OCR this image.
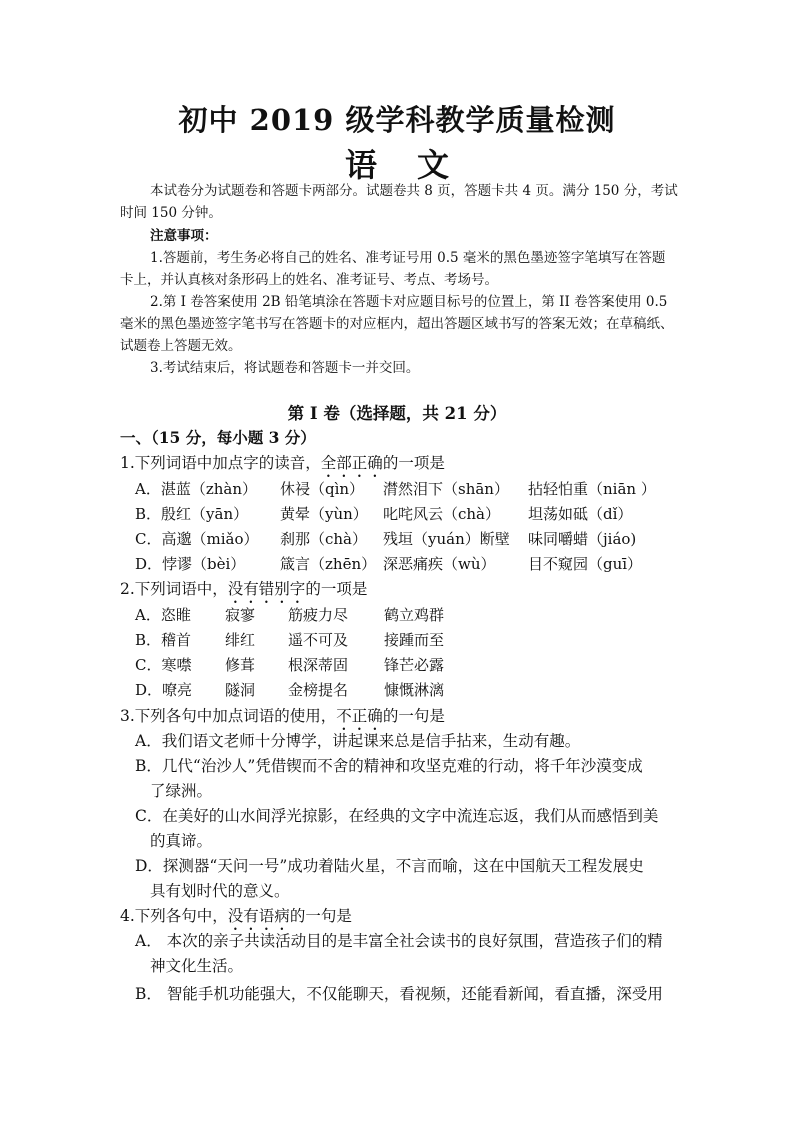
初中 2019 级学科教学质量检测
语文
本试卷分为试题卷和答题卡两部分。试题卷共 8 页，答题卡共 4 页。满分 150 分，考试
时间 150 分钟。
注意事项：
1.答题前，考生务必将自己的姓名、准考证号用 0.5 毫米的黑色墨迹签字笔填写在答题
卡上，并认真核对条形码上的姓名、准考证号、考点、考场号。
2.第 I 卷答案使用 2B 铅笔填涂在答题卡对应题目标号的位置上，第 II 卷答案使用 0.5
毫米的黑色墨迹签字笔书写在答题卡的对应框内，超出答题区域书写的答案无效；在草稿纸、
试题卷上答题无效。
3.考试结束后，将试题卷和答题卡一并交回。
第 I 卷（选择题，共 21 分）
一、（15 分，每小题 3 分）
1.下列词语中加点字的读音，全部正确的一项是
A．湛蓝（zhàn） 休祲（qìn） 潸然泪下（shān） 拈轻怕重（niān ）
B．殷红（yān） 黄晕（yùn） 叱咤风云（chà） 坦荡如砥（dǐ）
C．高邈（miǎo） 刹那（chà） 残垣（yuán）断壁 味同嚼蜡（jiáo)
D．悖谬（bèi） 箴言（zhēn） 深恶痛疾（wù） 目不窥园（guī）
2.下列词语中，没有错别字的一项是
A．恣睢 寂寥 筋疲力尽 鹤立鸡群
B．稽首 绯红 遥不可及 接踵而至
C．寒噤 修葺 根深蒂固 锋芒必露
D．嘹亮 隧洞 金榜提名 慷慨淋漓
3.下列各句中加点词语的使用，不正确的一句是
A．我们语文老师十分博学，讲起课来总是信手拈来，生动有趣。
B．几代“治沙人”凭借锲而不舍的精神和攻坚克难的行动，将千年沙漠变成
了绿洲。
C．在美好的山水间浮光掠影，在经典的文字中流连忘返，我们从而感悟到美
的真谛。
D．探测器“天问一号”成功着陆火星，不言而喻，这在中国航天工程发展史
具有划时代的意义。
4.下列各句中，没有语病的一句是
A． 本次的亲子共读活动目的是丰富全社会读书的良好氛围，营造孩子们的精
神文化生活。
B． 智能手机功能强大，不仅能聊天，看视频，还能看新闻，看直播，深受用
